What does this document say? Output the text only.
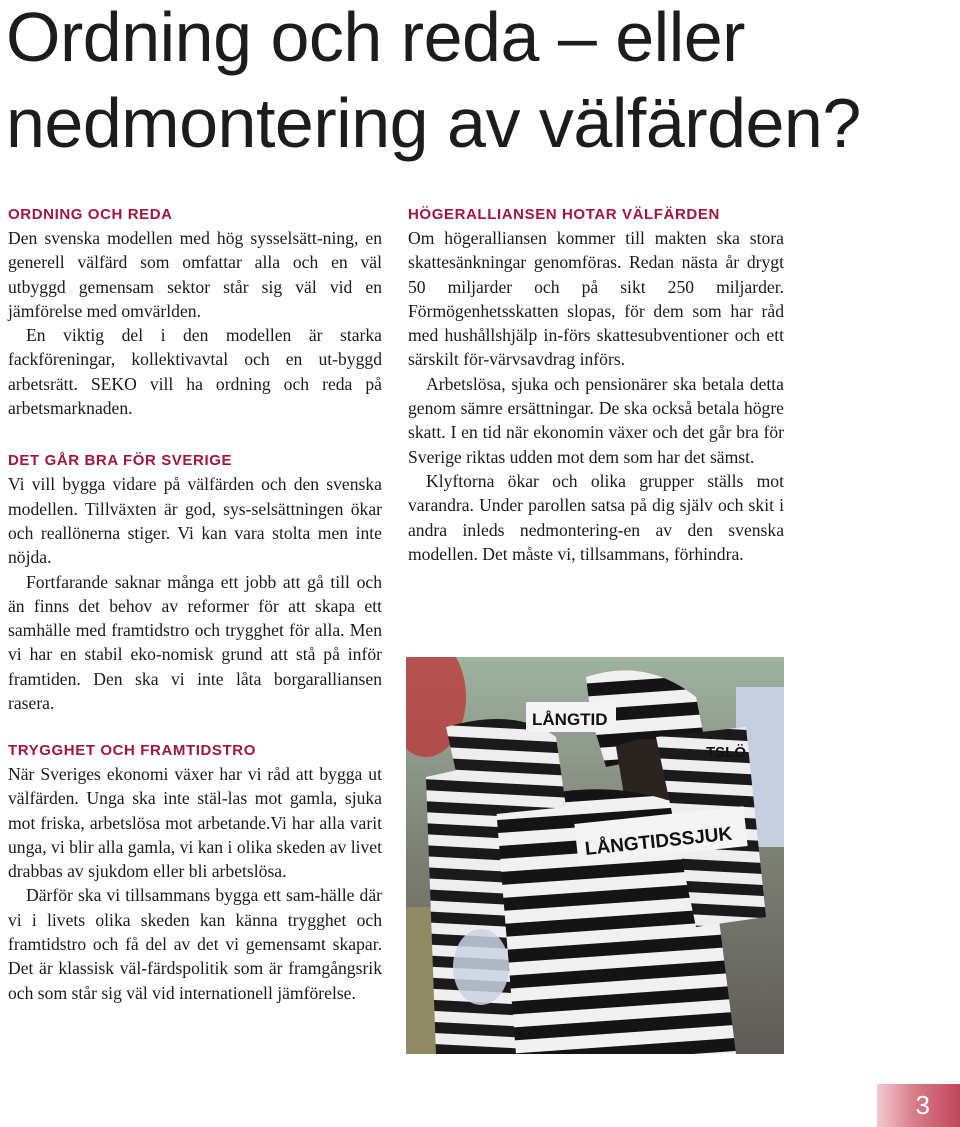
Ordning och reda – eller
nedmontering av välfärden?
ORDNING OCH REDA

Den svenska modellen med hög sysselsätt-ning, en generell välfärd som omfattar alla och en väl utbyggd gemensam sektor står sig väl vid en jämförelse med omvärlden.

En viktig del i den modellen är starka fackföreningar, kollektivavtal och en ut-byggd arbetsrätt. SEKO vill ha ordning och reda på arbetsmarknaden.

DET GÅR BRA FÖR SVERIGE

Vi vill bygga vidare på välfärden och den svenska modellen. Tillväxten är god, sys-selsättningen ökar och reallönerna stiger. Vi kan vara stolta men inte nöjda.

Fortfarande saknar många ett jobb att gå till och än finns det behov av reformer för att skapa ett samhälle med framtidstro och trygghet för alla. Men vi har en stabil eko-nomisk grund att stå på inför framtiden. Den ska vi inte låta borgaralliansen rasera.

TRYGGHET OCH FRAMTIDSTRO

När Sveriges ekonomi växer har vi råd att bygga ut välfärden. Unga ska inte stäl-las mot gamla, sjuka mot friska, arbetslösa mot arbetande.Vi har alla varit unga, vi blir alla gamla, vi kan i olika skeden av livet drabbas av sjukdom eller bli arbetslösa.

Därför ska vi tillsammans bygga ett sam-hälle där vi i livets olika skeden kan känna trygghet och framtidstro och få del av det vi gemensamt skapar. Det är klassisk väl-färdspolitik som är framgångsrik och som står sig väl vid internationell jämförelse.

HÖGERALLIANSEN HOTAR VÄLFÄRDEN

Om högeralliansen kommer till makten ska stora skattesänkningar genomföras. Redan nästa år drygt 50 miljarder och på sikt 250 miljarder. Förmögenhetsskatten slopas, för dem som har råd med hushållshjälp in-förs skattesubventioner och ett särskilt för-värvsavdrag införs.

Arbetslösa, sjuka och pensionärer ska betala detta genom sämre ersättningar. De ska också betala högre skatt. I en tid när ekonomin växer och det går bra för Sverige riktas udden mot dem som har det sämst.

Klyftorna ökar och olika grupper ställs mot varandra. Under parollen satsa på dig själv och skit i andra inleds nedmontering-en av den svenska modellen. Det måste vi, tillsammans, förhindra.

LÅNGTID
LÅNGTIDSSJUK
TSLÖ
3
